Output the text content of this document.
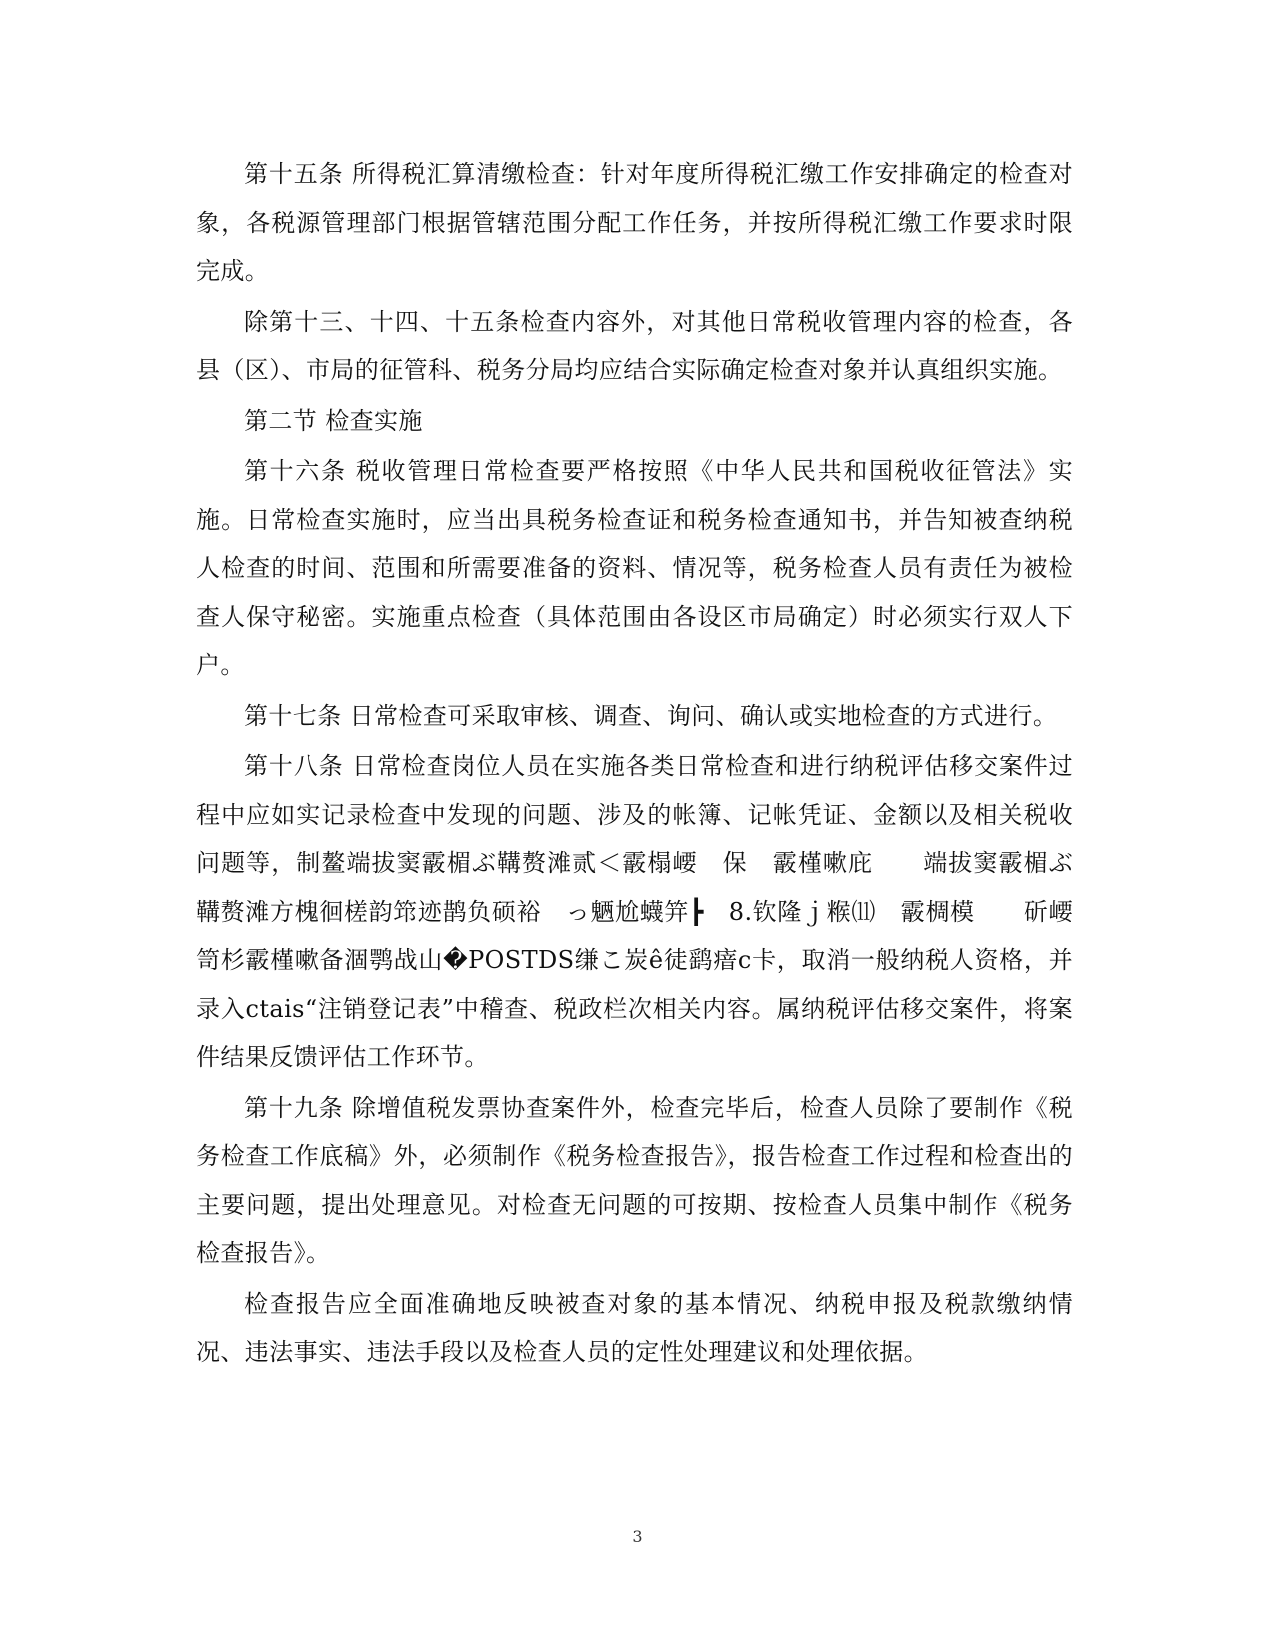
第十五条 所得税汇算清缴检查：针对年度所得税汇缴工作安排确定的检查对象，各税源管理部门根据管辖范围分配工作任务，并按所得税汇缴工作要求时限完成。

除第十三、十四、十五条检查内容外，对其他日常税收管理内容的检查，各县（区）、市局的征管科、税务分局均应结合实际确定检查对象并认真组织实施。

第二节 检查实施

第十六条 税收管理日常检查要严格按照《中华人民共和国税收征管法》实施。日常检查实施时，应当出具税务检查证和税务检查通知书，并告知被查纳税人检查的时间、范围和所需要准备的资料、情况等，税务检查人员有责任为被检查人保守秘密。实施重点检查（具体范围由各设区市局确定）时必须实行双人下户。

第十七条 日常检查可采取审核、调查、询问、确认或实地检查的方式进行。

第十八条 日常检查岗位人员在实施各类日常检查和进行纳税评估移交案件过程中应如实记录检查中发现的问题、涉及的帐簿、记帐凭证、金额以及相关税收问题等，制鳌端拔窦霰楣ぶ鞲赘滩贰＜霰榻崾　保　霰槿嗽庇　　端拔窦霰楣ぶ鞲赘滩方槐徊槎韵筇迹鹊负硕裕　っ魉尬蠛笄┣　8.钦隆ｊ糇⑾　霰椆模　　斫崾　笥杉霰槿嗽备涸鹗战山�POSTDS缣こ炭ê徒鹞瘖c卡，取消一般纳税人资格，并录入ctais“注销登记表”中稽查、税政栏次相关内容。属纳税评估移交案件，将案件结果反馈评估工作环节。

第十九条 除增值税发票协查案件外，检查完毕后，检查人员除了要制作《税务检查工作底稿》外，必须制作《税务检查报告》，报告检查工作过程和检查出的主要问题，提出处理意见。对检查无问题的可按期、按检查人员集中制作《税务检查报告》。

检查报告应全面准确地反映被查对象的基本情况、纳税申报及税款缴纳情况、违法事实、违法手段以及检查人员的定性处理建议和处理依据。

3
